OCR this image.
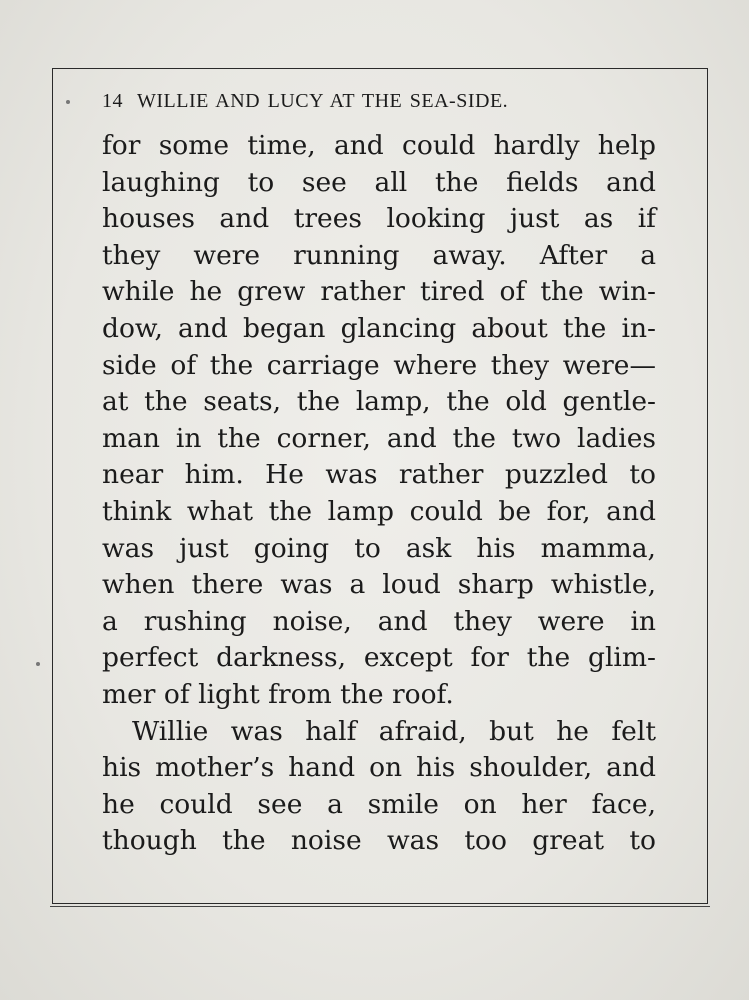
14 WILLIE AND LUCY AT THE SEA-SIDE.
for some time, and could hardly help
laughing to see all the fields and
houses and trees looking just as if
they were running away. After a
while he grew rather tired of the win-
dow, and began glancing about the in-
side of the carriage where they were—
at the seats, the lamp, the old gentle-
man in the corner, and the two ladies
near him. He was rather puzzled to
think what the lamp could be for, and
was just going to ask his mamma,
when there was a loud sharp whistle,
a rushing noise, and they were in
perfect darkness, except for the glim-
mer of light from the roof.
Willie was half afraid, but he felt
his mother’s hand on his shoulder, and
he could see a smile on her face,
though the noise was too great to
